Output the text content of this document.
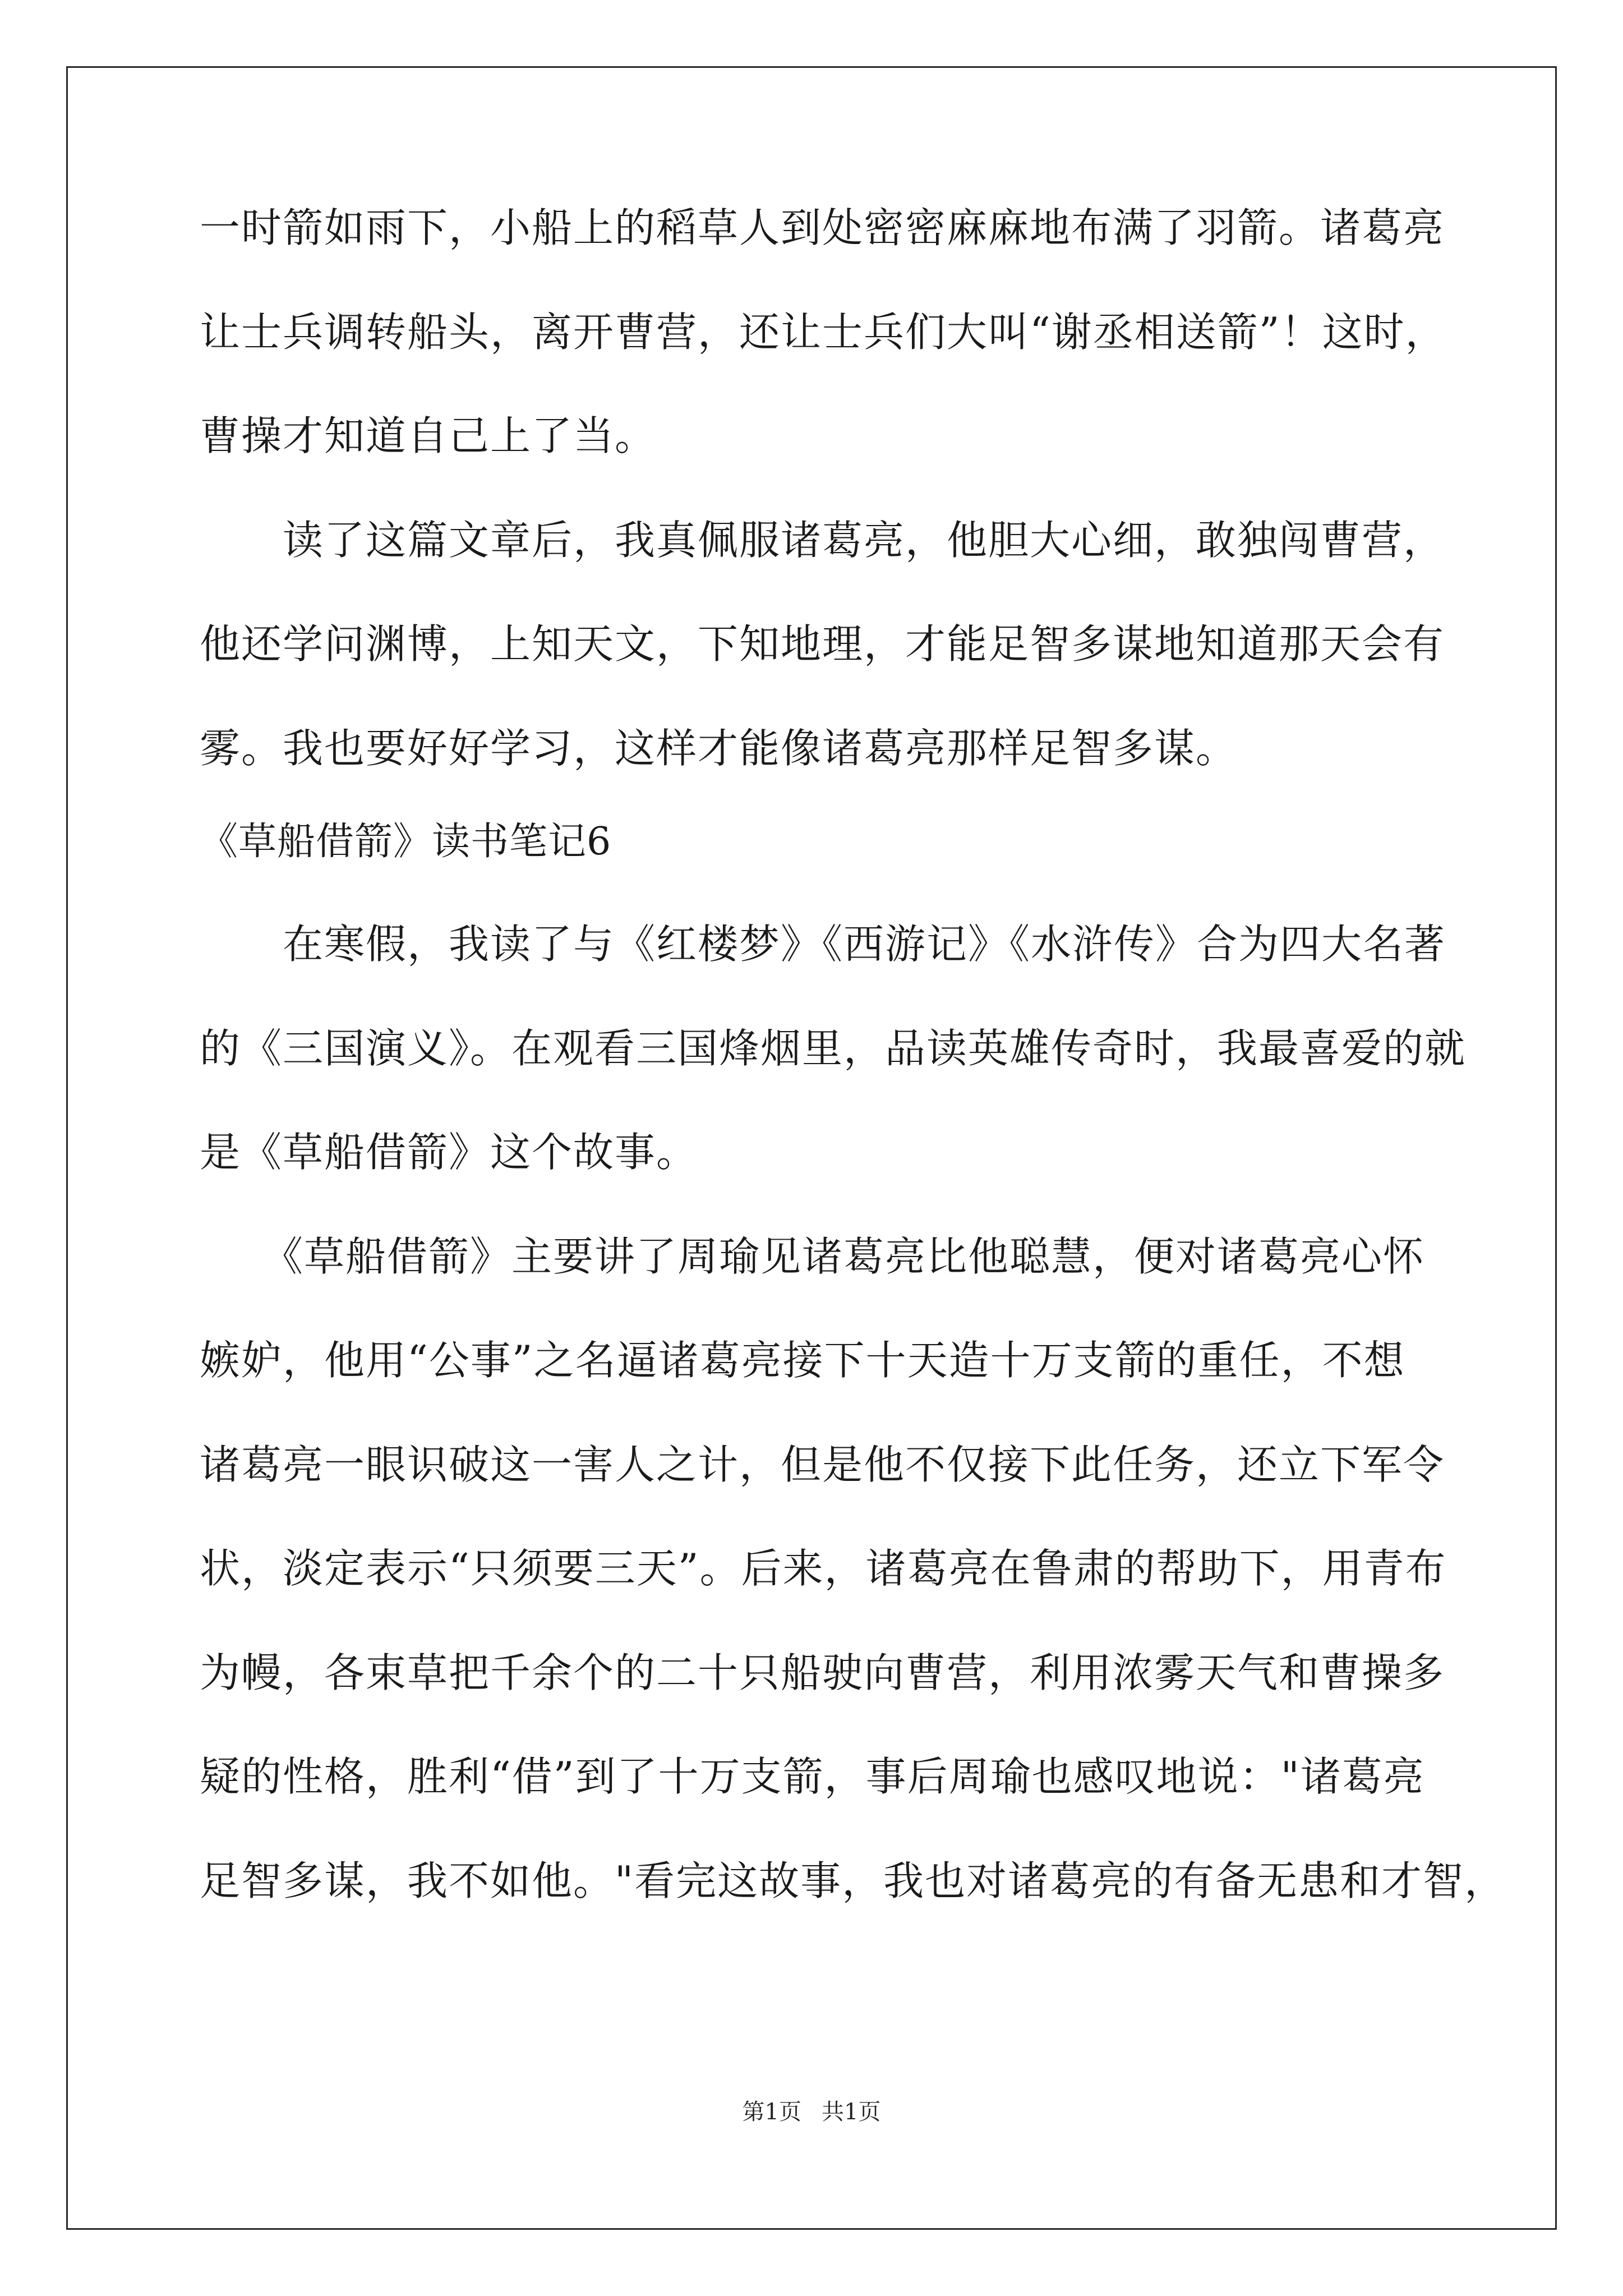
一时箭如雨下，小船上的稻草人到处密密麻麻地布满了羽箭。诸葛亮

让士兵调转船头，离开曹营，还让士兵们大叫“谢丞相送箭”！这时，

曹操才知道自己上了当。

　　读了这篇文章后，我真佩服诸葛亮，他胆大心细，敢独闯曹营，

他还学问渊博，上知天文，下知地理，才能足智多谋地知道那天会有

雾。我也要好好学习，这样才能像诸葛亮那样足智多谋。

《草船借箭》读书笔记6

　　在寒假，我读了与《红楼梦》《西游记》《水浒传》合为四大名著

的《三国演义》。在观看三国烽烟里，品读英雄传奇时，我最喜爱的就

是《草船借箭》这个故事。

　　《草船借箭》主要讲了周瑜见诸葛亮比他聪慧，便对诸葛亮心怀

嫉妒，他用“公事”之名逼诸葛亮接下十天造十万支箭的重任，不想

诸葛亮一眼识破这一害人之计，但是他不仅接下此任务，还立下军令

状，淡定表示“只须要三天”。后来，诸葛亮在鲁肃的帮助下，用青布

为幔，各束草把千余个的二十只船驶向曹营，利用浓雾天气和曹操多

疑的性格，胜利“借”到了十万支箭，事后周瑜也感叹地说："诸葛亮

足智多谋，我不如他。"看完这故事，我也对诸葛亮的有备无患和才智，

第1页 共1页
